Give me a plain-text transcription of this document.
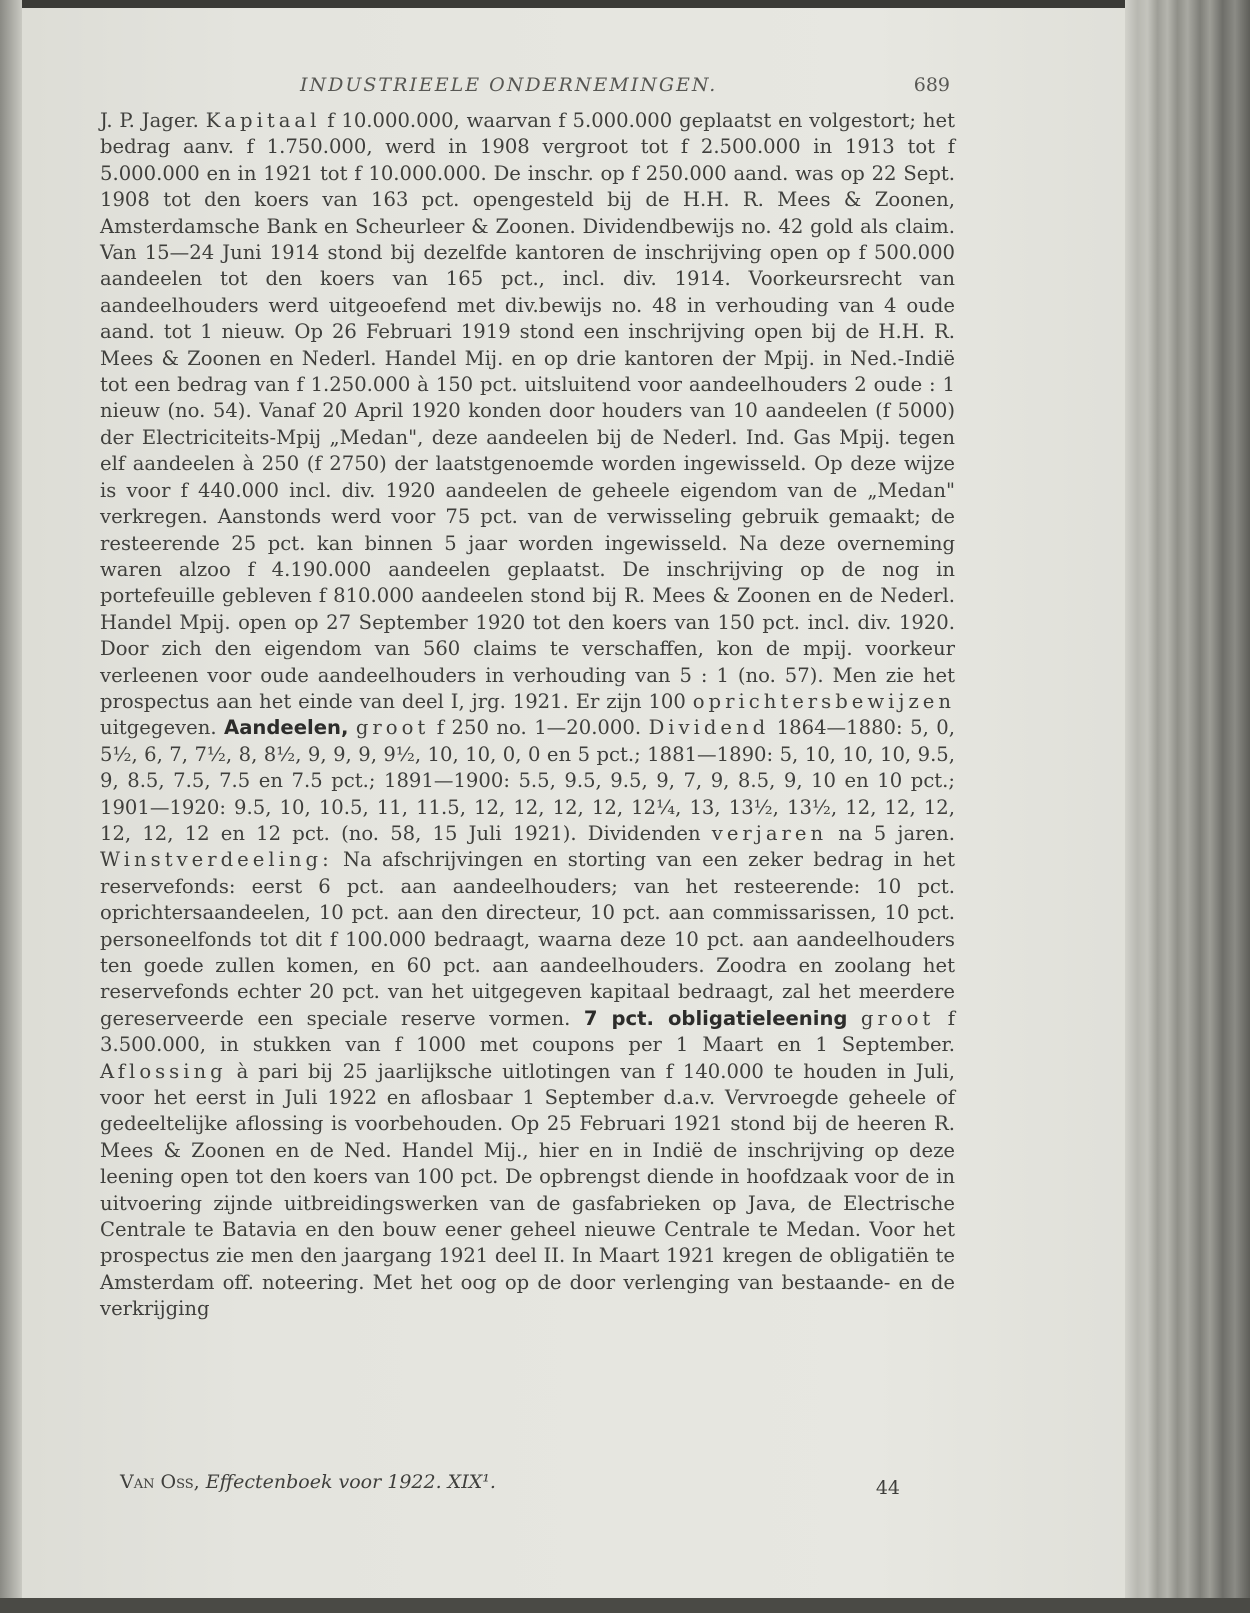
INDUSTRIEELE ONDERNEMINGEN.	689

J. P. Jager. Kapitaal f 10.000.000, waarvan f 5.000.000 geplaatst en volgestort; het bedrag aanv. f 1.750.000, werd in 1908 vergroot tot f 2.500.000 in 1913 tot f 5.000.000 en in 1921 tot f 10.000.000. De inschr. op f 250.000 aand. was op 22 Sept. 1908 tot den koers van 163 pct. opengesteld bij de H.H. R. Mees & Zoonen, Amsterdamsche Bank en Scheurleer & Zoonen. Dividendbewijs no. 42 gold als claim. Van 15—24 Juni 1914 stond bij dezelfde kantoren de inschrijving open op f 500.000 aandeelen tot den koers van 165 pct., incl. div. 1914. Voorkeursrecht van aandeelhouders werd uitgeoefend met div.bewijs no. 48 in verhouding van 4 oude aand. tot 1 nieuw. Op 26 Februari 1919 stond een inschrijving open bij de H.H. R. Mees & Zoonen en Nederl. Handel Mij. en op drie kantoren der Mpij. in Ned.-Indië tot een bedrag van f 1.250.000 à 150 pct. uitsluitend voor aandeelhouders 2 oude : 1 nieuw (no. 54). Vanaf 20 April 1920 konden door houders van 10 aandeelen (f 5000) der Electriciteits-Mpij „Medan", deze aandeelen bij de Nederl. Ind. Gas Mpij. tegen elf aandeelen à 250 (f 2750) der laatstgenoemde worden ingewisseld. Op deze wijze is voor f 440.000 incl. div. 1920 aandeelen de geheele eigendom van de „Medan" verkregen. Aanstonds werd voor 75 pct. van de verwisseling gebruik gemaakt; de resteerende 25 pct. kan binnen 5 jaar worden ingewisseld. Na deze overneming waren alzoo f 4.190.000 aandeelen geplaatst. De inschrijving op de nog in portefeuille gebleven f 810.000 aandeelen stond bij R. Mees & Zoonen en de Nederl. Handel Mpij. open op 27 September 1920 tot den koers van 150 pct. incl. div. 1920. Door zich den eigendom van 560 claims te verschaffen, kon de mpij. voorkeur verleenen voor oude aandeelhouders in verhouding van 5 : 1 (no. 57). Men zie het prospectus aan het einde van deel I, jrg. 1921. Er zijn 100 oprichtersbewijzen uitgegeven. Aandeelen, groot f 250 no. 1—20.000. Dividend 1864—1880: 5, 0, 5½, 6, 7, 7½, 8, 8½, 9, 9, 9, 9½, 10, 10, 0, 0 en 5 pct.; 1881—1890: 5, 10, 10, 10, 9.5, 9, 8.5, 7.5, 7.5 en 7.5 pct.; 1891—1900: 5.5, 9.5, 9.5, 9, 7, 9, 8.5, 9, 10 en 10 pct.; 1901—1920: 9.5, 10, 10.5, 11, 11.5, 12, 12, 12, 12, 12¼, 13, 13½, 13½, 12, 12, 12, 12, 12, 12 en 12 pct. (no. 58, 15 Juli 1921). Dividenden verjaren na 5 jaren. Winstverdeeling: Na afschrijvingen en storting van een zeker bedrag in het reservefonds: eerst 6 pct. aan aandeelhouders; van het resteerende: 10 pct. oprichtersaandeelen, 10 pct. aan den directeur, 10 pct. aan commissarissen, 10 pct. personeelfonds tot dit f 100.000 bedraagt, waarna deze 10 pct. aan aandeelhouders ten goede zullen komen, en 60 pct. aan aandeelhouders. Zoodra en zoolang het reservefonds echter 20 pct. van het uitgegeven kapitaal bedraagt, zal het meerdere gereserveerde een speciale reserve vormen. 7 pct. obligatieleening groot f 3.500.000, in stukken van f 1000 met coupons per 1 Maart en 1 September. Aflossing à pari bij 25 jaarlijksche uitlotingen van f 140.000 te houden in Juli, voor het eerst in Juli 1922 en aflosbaar 1 September d.a.v. Vervroegde geheele of gedeeltelijke aflossing is voorbehouden. Op 25 Februari 1921 stond bij de heeren R. Mees & Zoonen en de Ned. Handel Mij., hier en in Indië de inschrijving op deze leening open tot den koers van 100 pct. De opbrengst diende in hoofdzaak voor de in uitvoering zijnde uitbreidingswerken van de gasfabrieken op Java, de Electrische Centrale te Batavia en den bouw eener geheel nieuwe Centrale te Medan. Voor het prospectus zie men den jaargang 1921 deel II. In Maart 1921 kregen de obligatiën te Amsterdam off. noteering. Met het oog op de door verlenging van bestaande- en de verkrijging

Van Oss, Effectenboek voor 1922. XIX¹.	44
